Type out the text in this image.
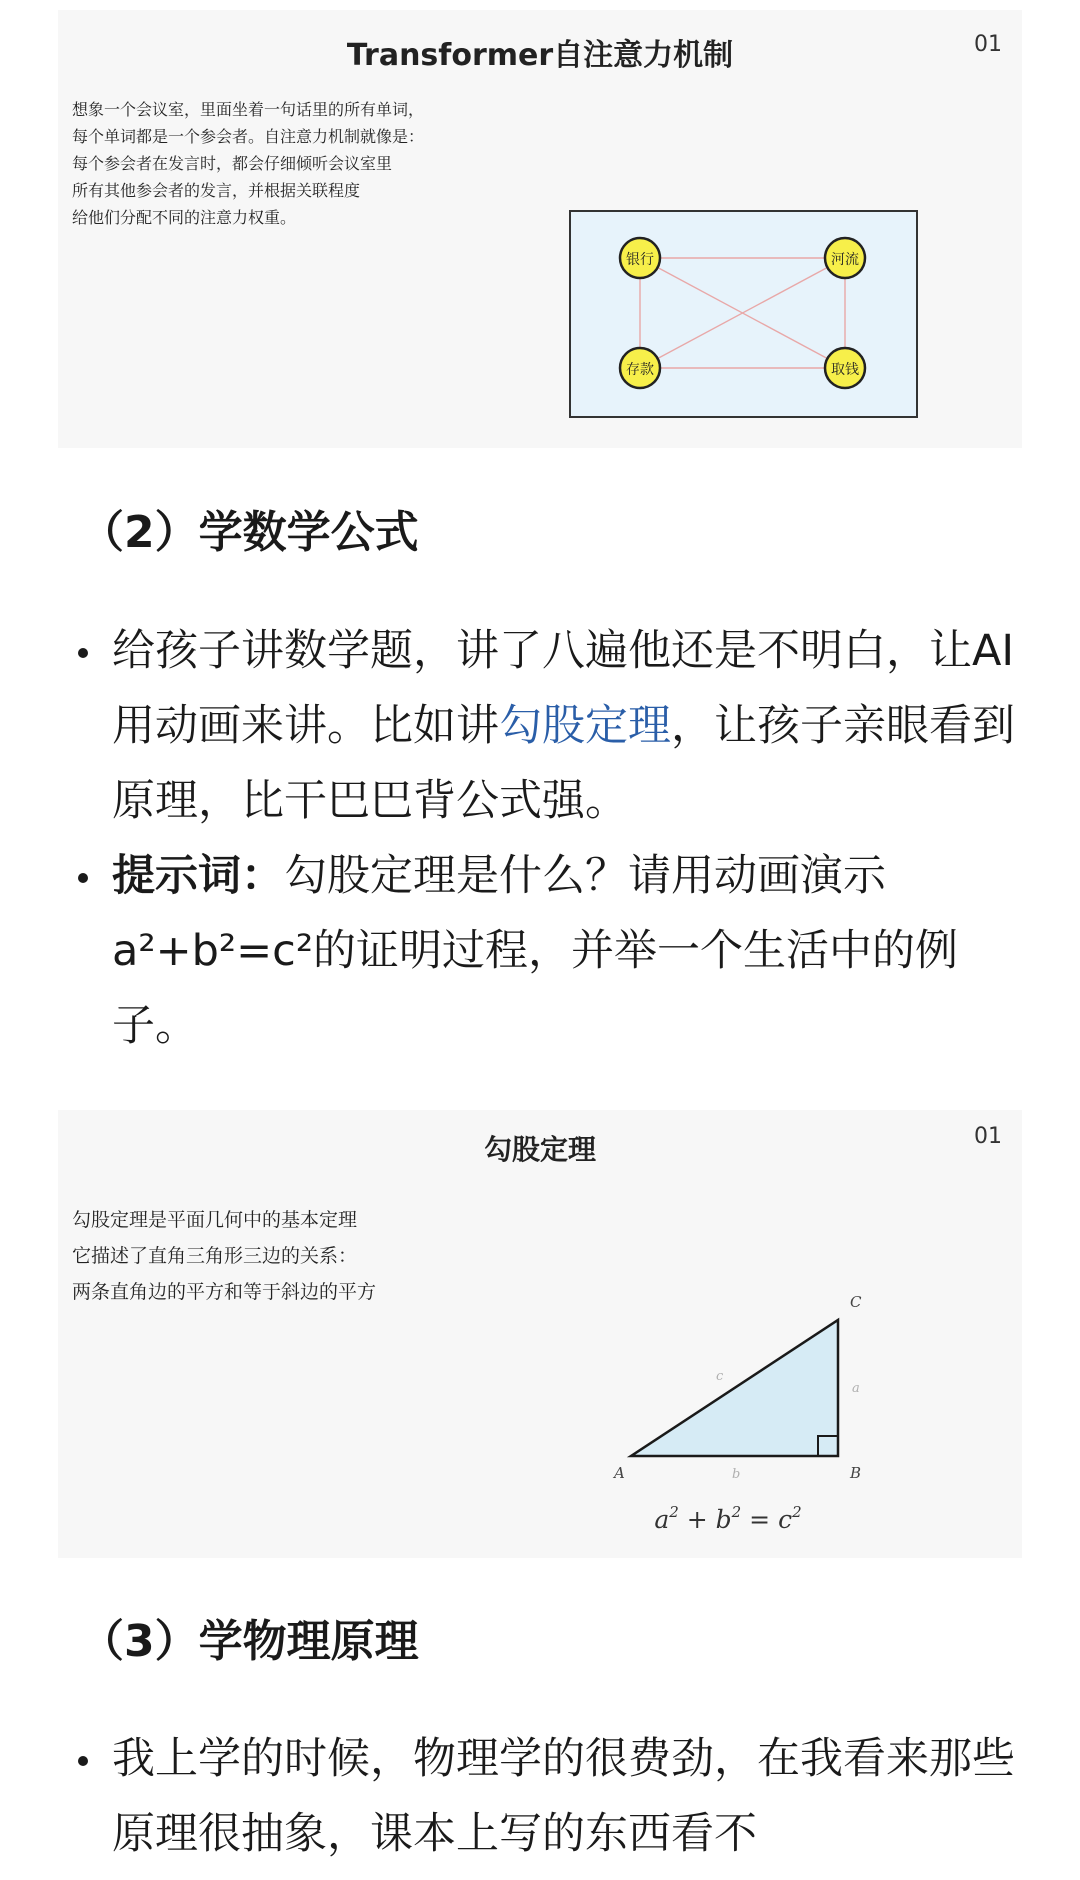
Transformer自注意力机制	01
想象一个会议室，里面坐着一句话里的所有单词，
每个单词都是一个参会者。自注意力机制就像是：
每个参会者在发言时，都会仔细倾听会议室里
所有其他参会者的发言，并根据关联程度
给他们分配不同的注意力权重。
银行	河流
存款	取钱
（2）学数学公式
给孩子讲数学题，讲了八遍他还是不明白，让AI用动画来讲。比如讲勾股定理，让孩子亲眼看到原理，比干巴巴背公式强。
提示词：勾股定理是什么？请用动画演示a²+b²=c²的证明过程，并举一个生活中的例子。
勾股定理	01
勾股定理是平面几何中的基本定理
它描述了直角三角形三边的关系：
两条直角边的平方和等于斜边的平方
A	B
C
c
a
b
$a^2 + b^2 = c^2$
（3）学物理原理
我上学的时候，物理学的很费劲，在我看来那些原理很抽象，课本上写的东西看不
